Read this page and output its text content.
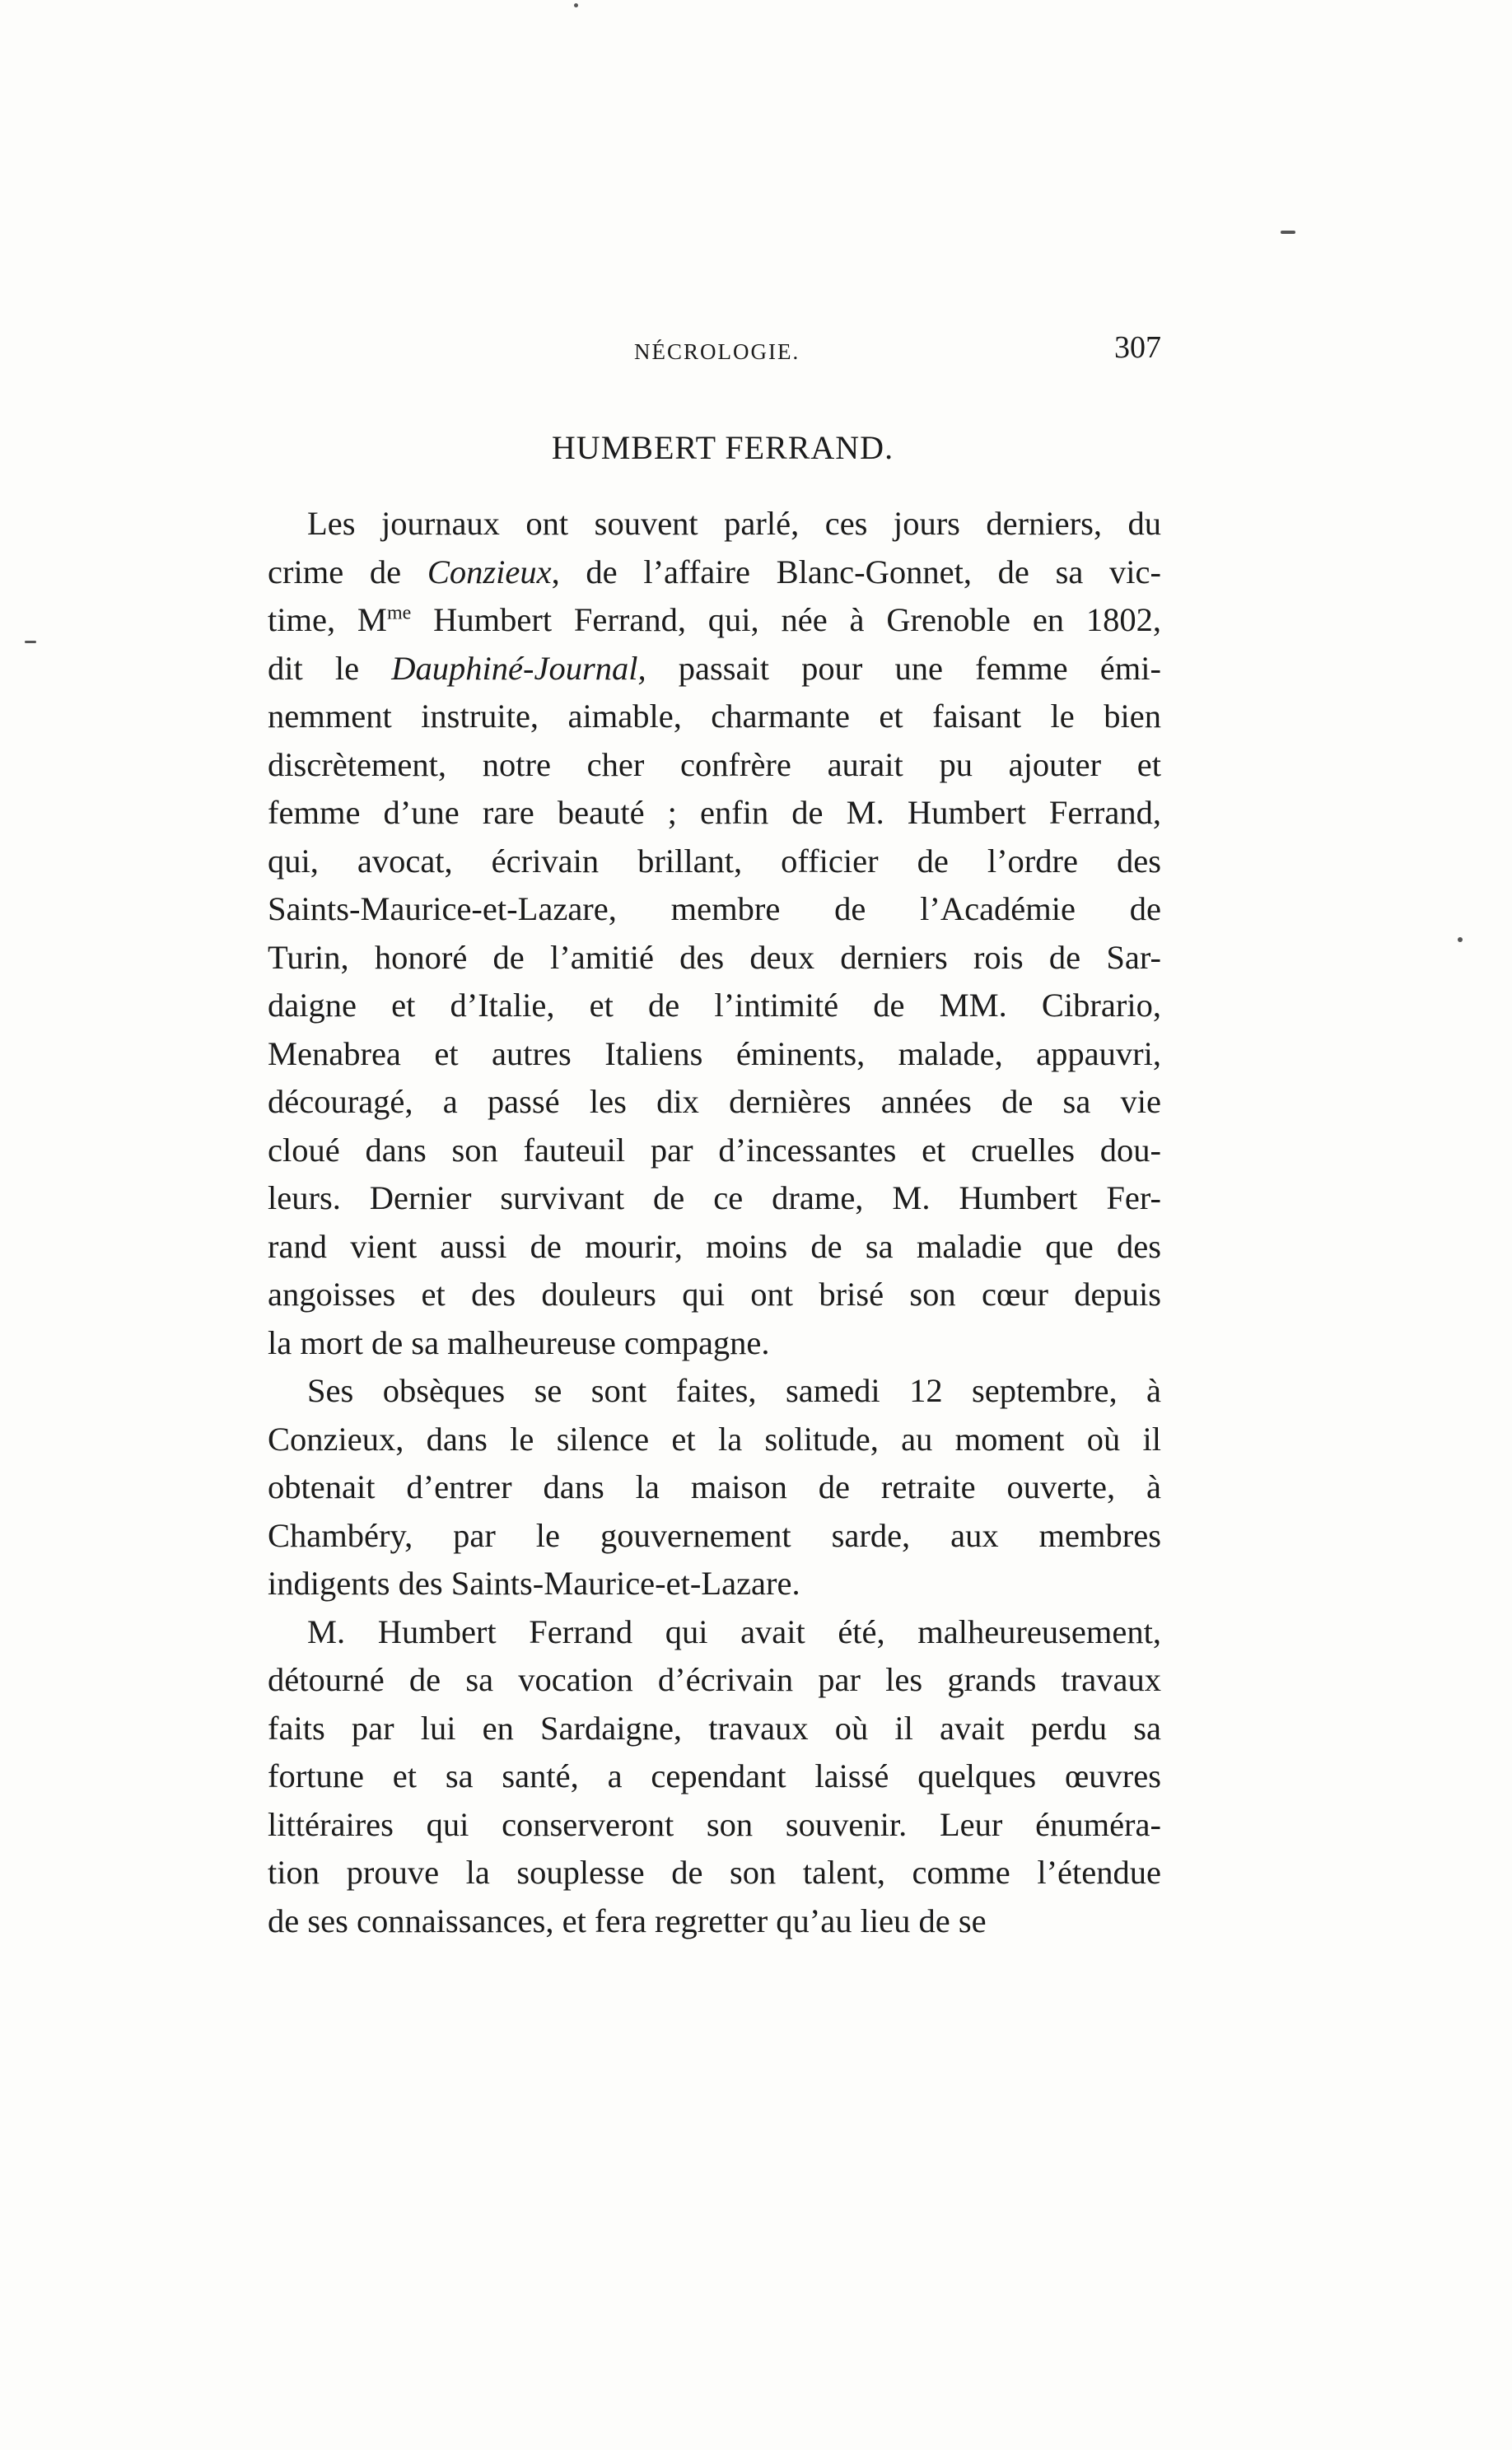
NÉCROLOGIE.	307
HUMBERT FERRAND.

Les journaux ont souvent parlé, ces jours derniers, du
crime de Conzieux, de l’affaire Blanc-Gonnet, de sa vic-
time, $M^{me}$ Humbert Ferrand, qui, née à Grenoble en 1802,
dit le Dauphiné-Journal, passait pour une femme émi-
nemment instruite, aimable, charmante et faisant le bien
discrètement, notre cher confrère aurait pu ajouter et
femme d’une rare beauté ; enfin de M. Humbert Ferrand,
qui, avocat, écrivain brillant, officier de l’ordre des
Saints-Maurice-et-Lazare, membre de l’Académie de
Turin, honoré de l’amitié des deux derniers rois de Sar-
daigne et d’Italie, et de l’intimité de MM. Cibrario,
Menabrea et autres Italiens éminents, malade, appauvri,
découragé, a passé les dix dernières années de sa vie
cloué dans son fauteuil par d’incessantes et cruelles dou-
leurs. Dernier survivant de ce drame, M. Humbert Fer-
rand vient aussi de mourir, moins de sa maladie que des
angoisses et des douleurs qui ont brisé son cœur depuis
la mort de sa malheureuse compagne.

Ses obsèques se sont faites, samedi 12 septembre, à
Conzieux, dans le silence et la solitude, au moment où il
obtenait d’entrer dans la maison de retraite ouverte, à
Chambéry, par le gouvernement sarde, aux membres
indigents des Saints-Maurice-et-Lazare.

M. Humbert Ferrand qui avait été, malheureusement,
détourné de sa vocation d’écrivain par les grands travaux
faits par lui en Sardaigne, travaux où il avait perdu sa
fortune et sa santé, a cependant laissé quelques œuvres
littéraires qui conserveront son souvenir. Leur énuméra-
tion prouve la souplesse de son talent, comme l’étendue
de ses connaissances, et fera regretter qu’au lieu de se
